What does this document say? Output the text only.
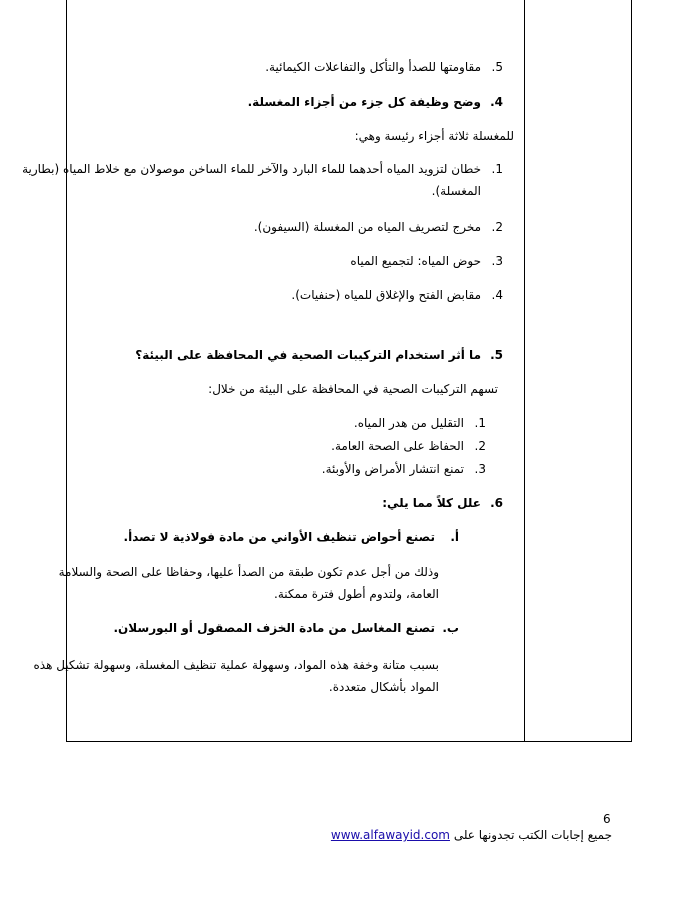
.5
مقاومتها للصدأ والتأكل والتفاعلات الكيمائية.
.4
وضح وظيفة كل جزء من أجزاء المغسلة.
للمغسلة ثلاثة أجزاء رئيسة وهي:
.1
خطان لتزويد المياه أحدهما للماء البارد والآخر للماء الساخن موصولان مع خلاط المياه (بطارية
المغسلة).
.2
مخرج لتصريف المياه من المغسلة (السيفون).
.3
حوض المياه: لتجميع المياه
.4
مقابض الفتح والإغلاق للمياه (حنفيات).
.5
ما أثر استخدام التركيبات الصحية في المحافظة على البيئة؟
تسهم التركيبات الصحية في المحافظة على البيئة من خلال:
.1
التقليل من هدر المياه.
.2
الحفاظ على الصحة العامة.
.3
تمنع انتشار الأمراض والأوبئة.
.6
علل كلاً مما يلي:
أ.
تصنع أحواض تنظيف الأواني من مادة فولاذية لا تصدأ.
وذلك من أجل عدم تكون طبقة من الصدأ عليها، وحفاظا على الصحة والسلامة
العامة، ولتدوم أطول فترة ممكنة.
ب.
تصنع المغاسل من مادة الخزف المصقول أو البورسلان.
بسبب متانة وخفة هذه المواد، وسهولة عملية تنظيف المغسلة، وسهولة تشكيل هذه
المواد بأشكال متعددة.
6
جميع إجابات الكتب تجدونها على www.alfawayid.com
